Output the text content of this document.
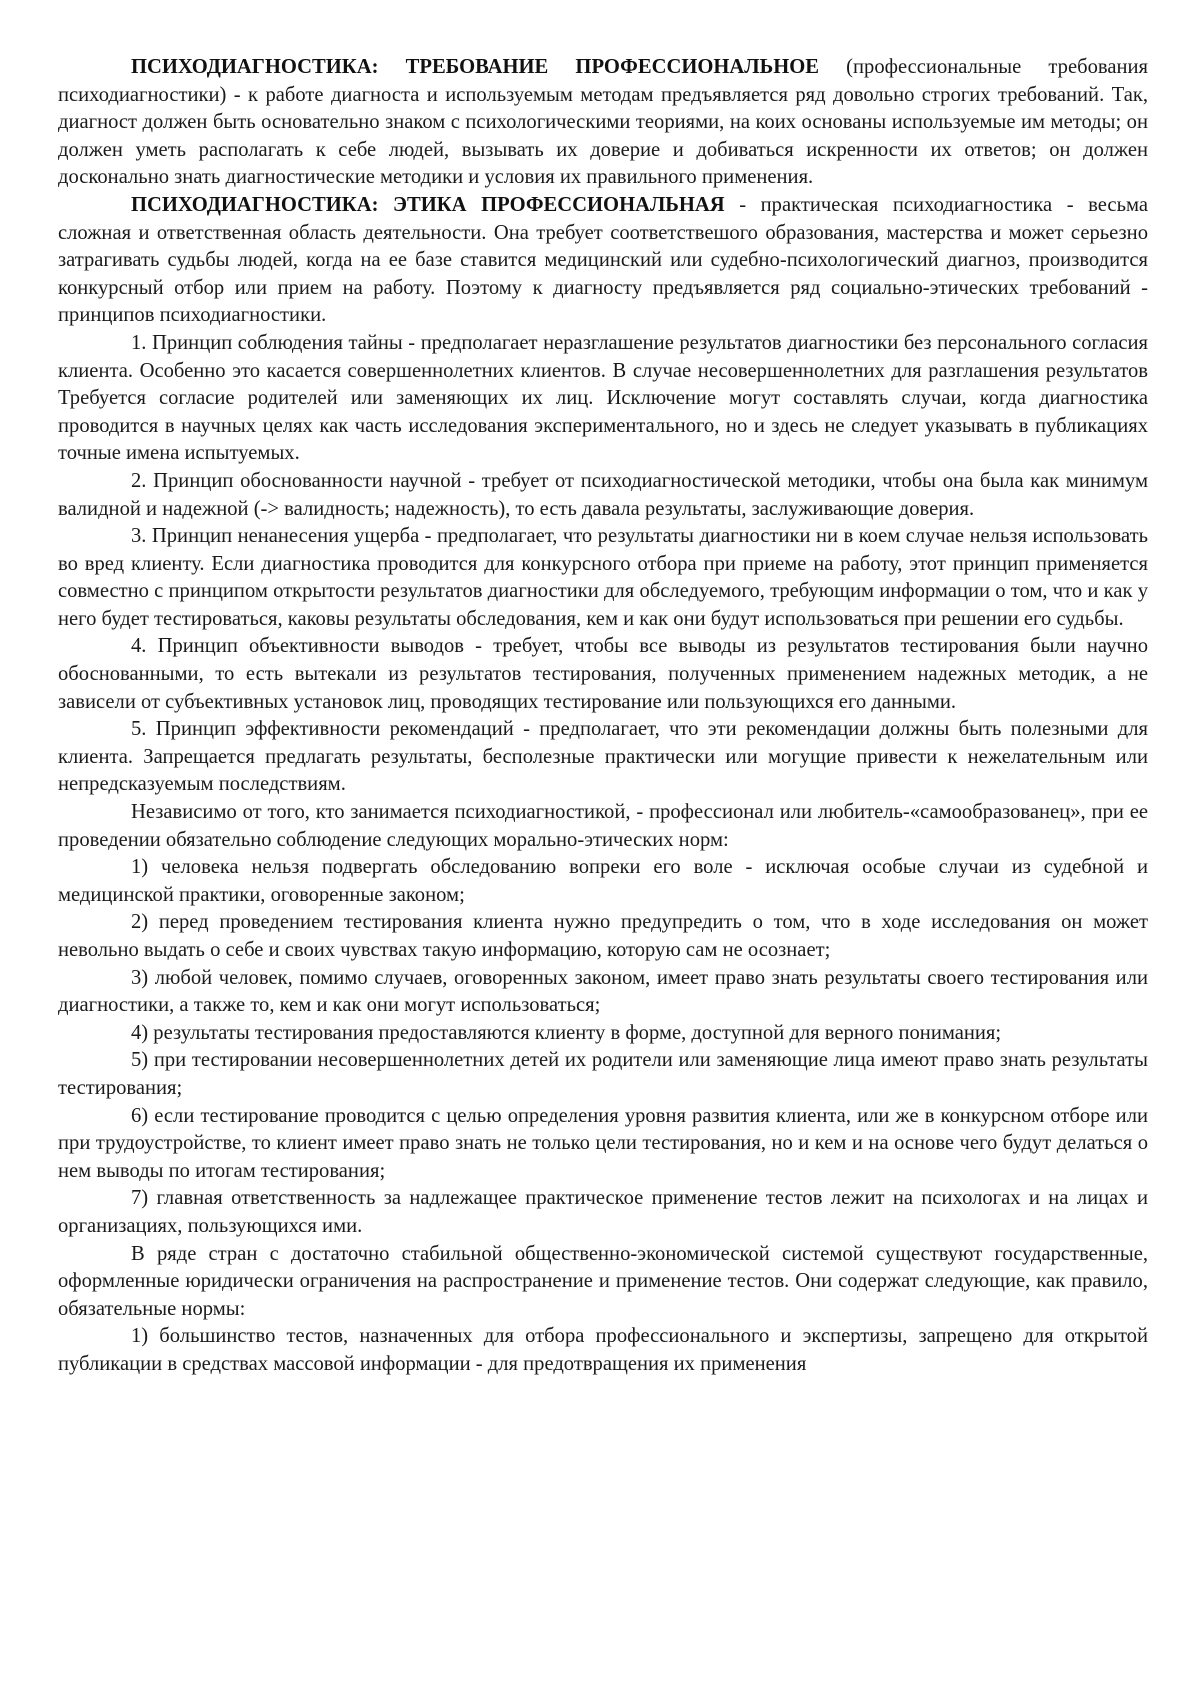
ПСИХОДИАГНОСТИКА: ТРЕБОВАНИЕ ПРОФЕССИОНАЛЬНОЕ (профессиональные требования психодиагностики) - к работе диагноста и используемым методам предъявляется ряд довольно строгих требований. Так, диагност должен быть основательно знаком с психологическими теориями, на коих основаны используемые им методы; он должен уметь располагать к себе людей, вызывать их доверие и добиваться искренности их ответов; он должен досконально знать диагностические методики и условия их правильного применения.

ПСИХОДИАГНОСТИКА: ЭТИКА ПРОФЕССИОНАЛЬНАЯ - практическая психодиагностика - весьма сложная и ответственная область деятельности. Она требует соответствешого образования, мастерства и может серьезно затрагивать судьбы людей, когда на ее базе ставится медицинский или судебно-психологический диагноз, производится конкурсный отбор или прием на работу. Поэтому к диагносту предъявляется ряд социально-этических требований - принципов психодиагностики.

1. Принцип соблюдения тайны - предполагает неразглашение результатов диагностики без персонального согласия клиента. Особенно это касается совершеннолетних клиентов. В случае несовершеннолетних для разглашения результатов Требуется согласие родителей или заменяющих их лиц. Исключение могут составлять случаи, когда диагностика проводится в научных целях как часть исследования экспериментального, но и здесь не следует указывать в публикациях точные имена испытуемых.

2. Принцип обоснованности научной - требует от психодиагностической методики, чтобы она была как минимум валидной и надежной (-> валидность; надежность), то есть давала результаты, заслуживающие доверия.

3. Принцип ненанесения ущерба - предполагает, что результаты диагностики ни в коем случае нельзя использовать во вред клиенту. Если диагностика проводится для конкурсного отбора при приеме на работу, этот принцип применяется совместно с принципом открытости результатов диагностики для обследуемого, требующим информации о том, что и как у него будет тестироваться, каковы результаты обследования, кем и как они будут использоваться при решении его судьбы.

4. Принцип объективности выводов - требует, чтобы все выводы из результатов тестирования были научно обоснованными, то есть вытекали из результатов тестирования, полученных применением надежных методик, а не зависели от субъективных установок лиц, проводящих тестирование или пользующихся его данными.

5. Принцип эффективности рекомендаций - предполагает, что эти рекомендации должны быть полезными для клиента. Запрещается предлагать результаты, бесполезные практически или могущие привести к нежелательным или непредсказуемым последствиям.

Независимо от того, кто занимается психодиагностикой, - профессионал или любитель-«самообразованец», при ее проведении обязательно соблюдение следующих морально-этических норм:

1) человека нельзя подвергать обследованию вопреки его воле - исключая особые случаи из судебной и медицинской практики, оговоренные законом;

2) перед проведением тестирования клиента нужно предупредить о том, что в ходе исследования он может невольно выдать о себе и своих чувствах такую информацию, которую сам не осознает;

3) любой человек, помимо случаев, оговоренных законом, имеет право знать результаты своего тестирования или диагностики, а также то, кем и как они могут использоваться;

4) результаты тестирования предоставляются клиенту в форме, доступной для верного понимания;

5) при тестировании несовершеннолетних детей их родители или заменяющие лица имеют право знать результаты тестирования;

6) если тестирование проводится с целью определения уровня развития клиента, или же в конкурсном отборе или при трудоустройстве, то клиент имеет право знать не только цели тестирования, но и кем и на основе чего будут делаться о нем выводы по итогам тестирования;

7) главная ответственность за надлежащее практическое применение тестов лежит на психологах и на лицах и организациях, пользующихся ими.

В ряде стран с достаточно стабильной общественно-экономической системой существуют государственные, оформленные юридически ограничения на распространение и применение тестов. Они содержат следующие, как правило, обязательные нормы:

1) большинство тестов, назначенных для отбора профессионального и экспертизы, запрещено для открытой публикации в средствах массовой информации - для предотвращения их применения
